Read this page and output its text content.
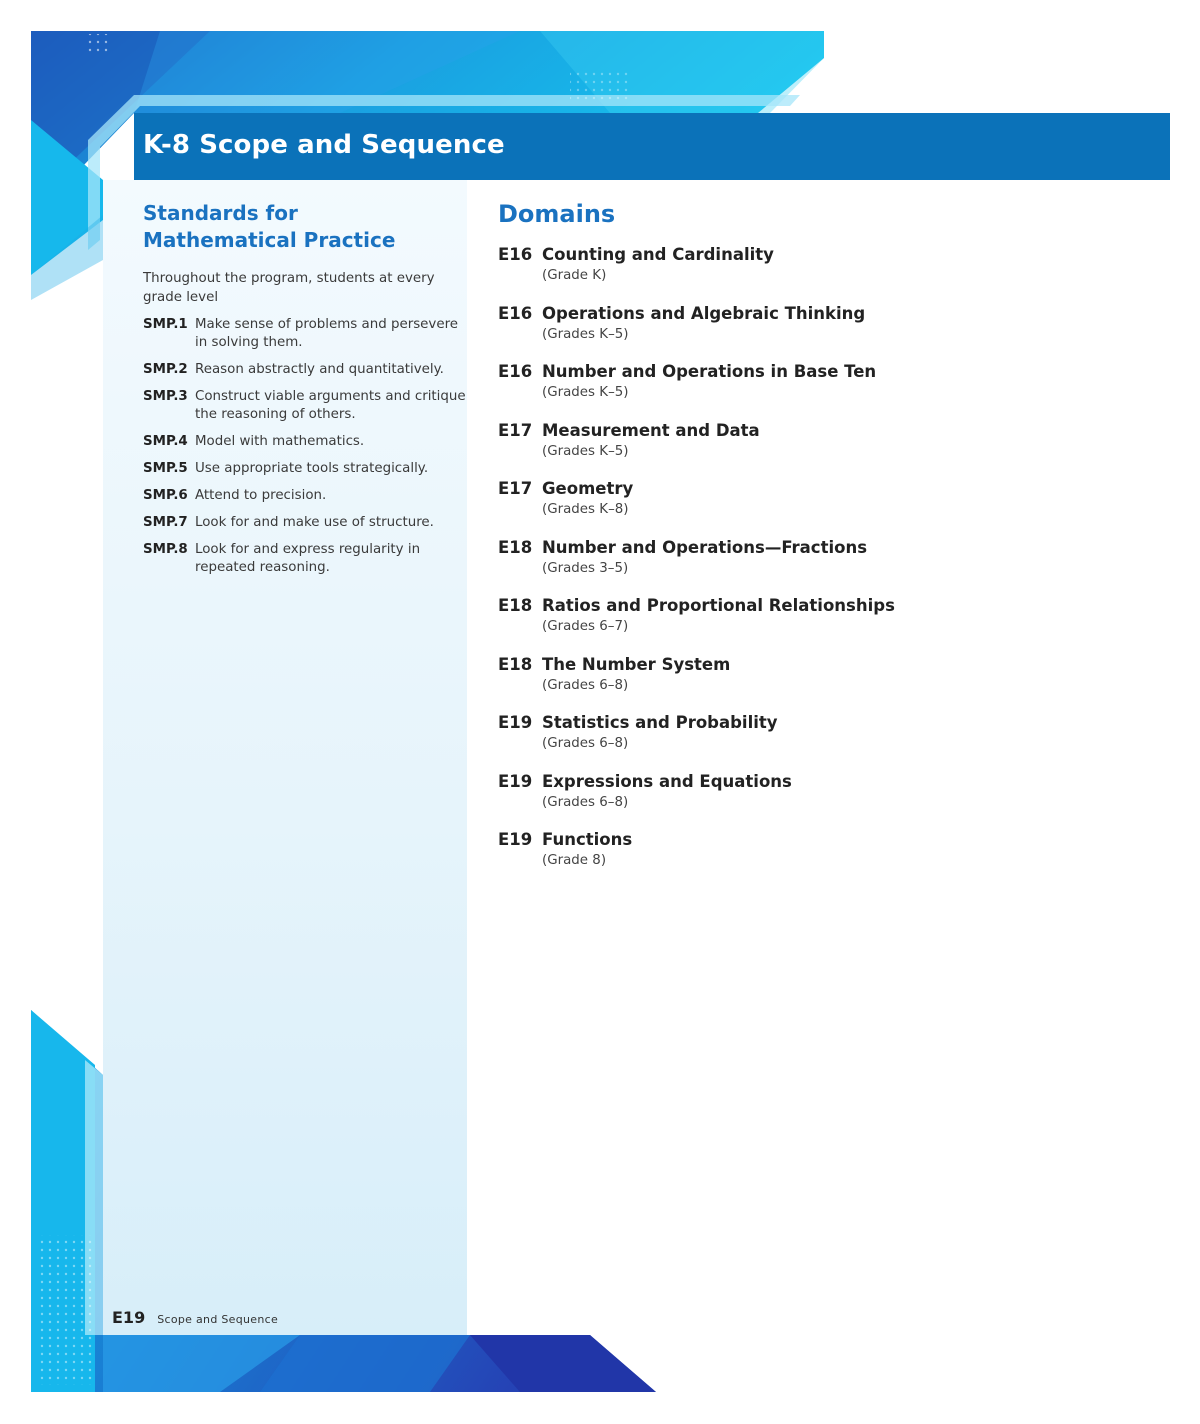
K-8 Scope and Sequence
Standards for
Mathematical Practice
Throughout the program, students at every grade level
SMP.1 Make sense of problems and persevere in solving them.
SMP.2 Reason abstractly and quantitatively.
SMP.3 Construct viable arguments and critique the reasoning of others.
SMP.4 Model with mathematics.
SMP.5 Use appropriate tools strategically.
SMP.6 Attend to precision.
SMP.7 Look for and make use of structure.
SMP.8 Look for and express regularity in repeated reasoning.
Domains
E16 Counting and Cardinality
(Grade K)
E16 Operations and Algebraic Thinking
(Grades K–5)
E16 Number and Operations in Base Ten
(Grades K–5)
E17 Measurement and Data
(Grades K–5)
E17 Geometry
(Grades K–8)
E18 Number and Operations—Fractions
(Grades 3–5)
E18 Ratios and Proportional Relationships
(Grades 6–7)
E18 The Number System
(Grades 6–8)
E19 Statistics and Probability
(Grades 6–8)
E19 Expressions and Equations
(Grades 6–8)
E19 Functions
(Grade 8)
E19 Scope and Sequence
